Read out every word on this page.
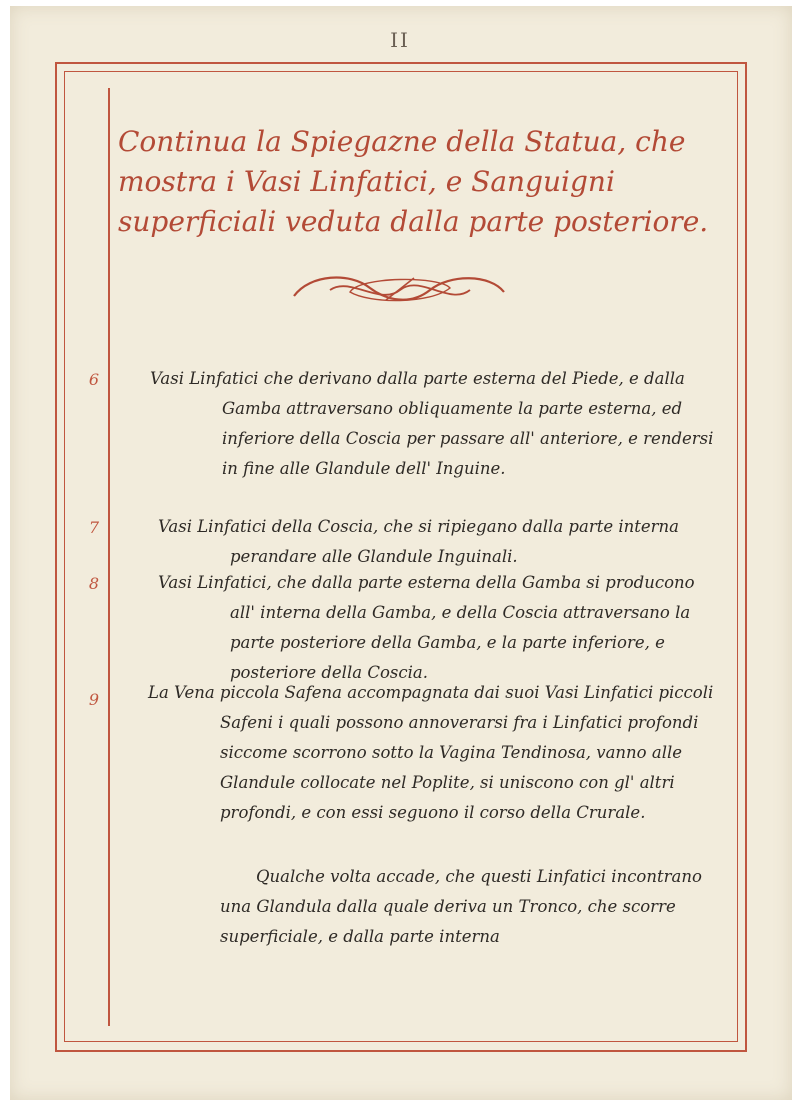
II
Continua la Spiegazne della Statua, che mostra i Vasi Linfatici, e Sanguigni superficiali veduta dalla parte posteriore.
6	Vasi Linfatici che derivano dalla parte esterna del Piede, e dalla Gamba attraversano obliquamente la parte esterna, ed inferiore della Coscia per passare all' anteriore, e rendersi in fine alle Glandule dell' Inguine.

7	Vasi Linfatici della Coscia, che si ripiegano dalla parte interna perandare alle Glandule Inguinali.

8	Vasi Linfatici, che dalla parte esterna della Gamba si producono all' interna della Gamba, e della Coscia attraversano la parte posteriore della Gamba, e la parte inferiore, e posteriore della Coscia.

9	La Vena piccola Safena accompagnata dai suoi Vasi Linfatici piccoli Safeni i quali possono annoverarsi fra i Linfatici profondi siccome scorrono sotto la Vagina Tendinosa, vanno alle Glandule collocate nel Poplite, si uniscono con gl' altri profondi, e con essi seguono il corso della Crurale.

Qualche volta accade, che questi Linfatici incontrano una Glandula dalla quale deriva un Tronco, che scorre superficiale, e dalla parte interna
